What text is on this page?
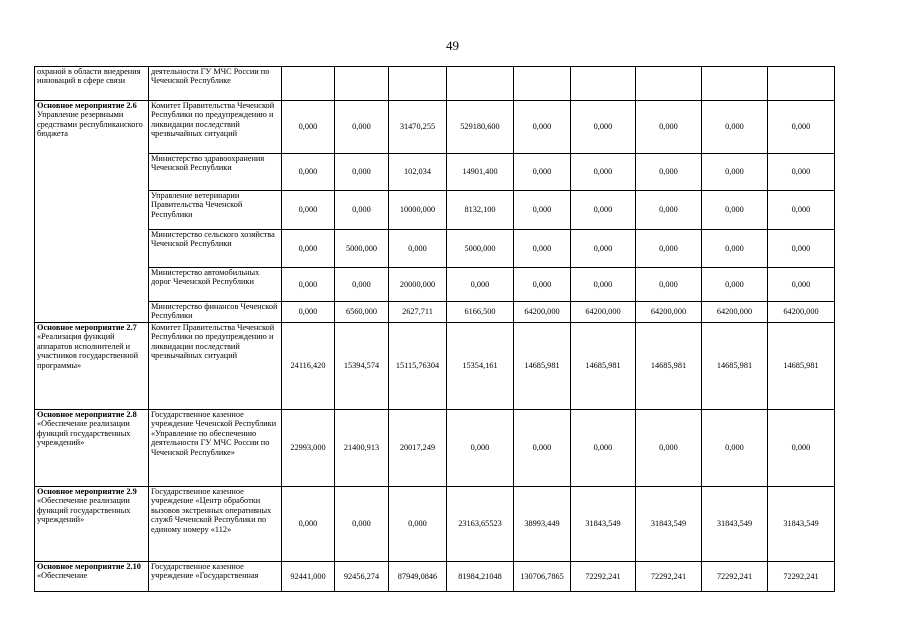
49
охраной в области внедрения инноваций в сфере связи	деятельности ГУ МЧС России по Чеченской Республике									

Основное мероприятие 2.6
Управление резервными средствами республиканского бюджета	Комитет Правительства Чеченской Республики по предупреждению и ликвидации последствий чрезвычайных ситуаций	0,000	0,000	31470,255	529180,600	0,000	0,000	0,000	0,000	0,000
	Министерство здравоохранения Чеченской Республики	0,000	0,000	102,034	14901,400	0,000	0,000	0,000	0,000	0,000
	Управление ветеринарии Правительства Чеченской Республики	0,000	0,000	10000,000	8132,100	0,000	0,000	0,000	0,000	0,000
	Министерство сельского хозяйства Чеченской Республики	0,000	5000,000	0,000	5000,000	0,000	0,000	0,000	0,000	0,000
	Министерство автомобильных дорог Чеченской Республики	0,000	0,000	20000,000	0,000	0,000	0,000	0,000	0,000	0,000
	Министерство финансов Чеченской Республики	0,000	6560,000	2627,711	6166,500	64200,000	64200,000	64200,000	64200,000	64200,000

Основное мероприятие 2.7
«Реализация функций аппаратов исполнителей и участников государственной программы»	Комитет Правительства Чеченской Республики по предупреждению и ликвидации последствий чрезвычайных ситуаций	24116,420	15394,574	15115,76304	15354,161	14685,981	14685,981	14685,981	14685,981	14685,981

Основное мероприятие 2.8
«Обеспечение реализации функций государственных учреждений»	Государственное казенное учреждение Чеченской Республики «Управление по обеспечению деятельности ГУ МЧС России по Чеченской Республике»	22993,000	21400,913	20017,249	0,000	0,000	0,000	0,000	0,000	0,000

Основное мероприятие 2.9
«Обеспечение реализации функций государственных учреждений»	Государственное казенное учреждение «Центр обработки вызовов экстренных оперативных служб Чеченской Республики по единому номеру «112»	0,000	0,000	0,000	23163,65523	38993,449	31843,549	31843,549	31843,549	31843,549

Основное мероприятие 2.10
«Обеспечение	Государственное казенное учреждение «Государственная	92441,000	92456,274	87949,0846	81984,21048	130706,7865	72292,241	72292,241	72292,241	72292,241
